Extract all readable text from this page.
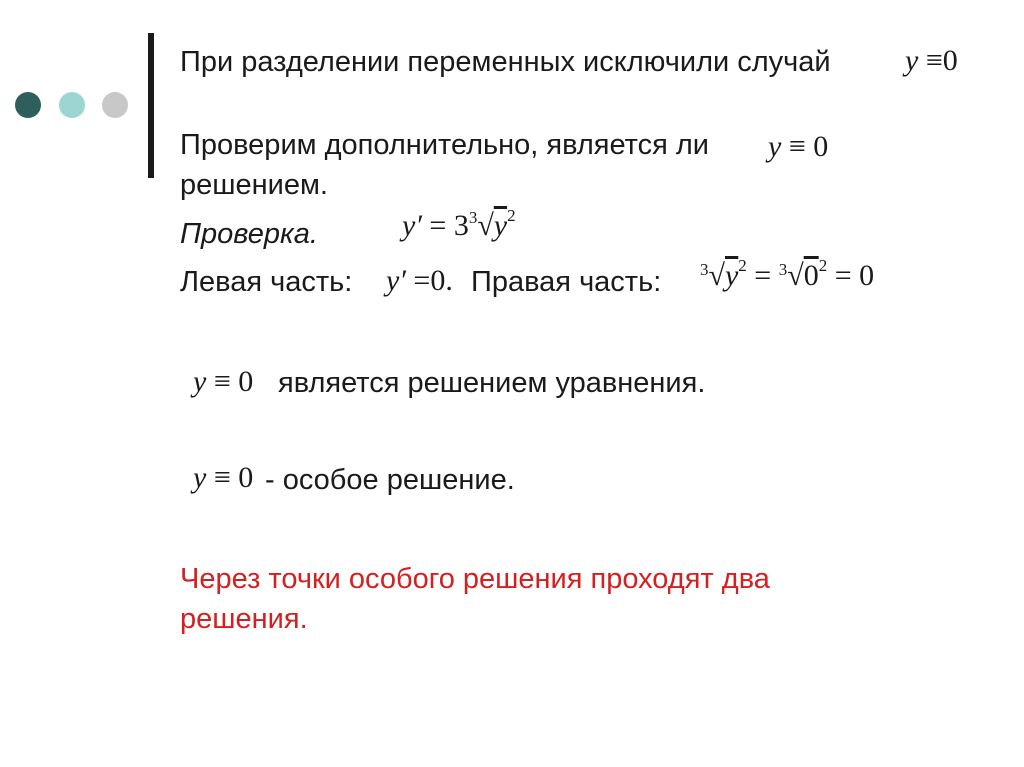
При разделении переменных исключили случай y ≡0
Проверим дополнительно, является ли y ≡ 0
решением.
Проверка.	$y' = 3^3√y^2$
Левая часть: y′ =0. Правая часть: $^3√y^2 = ^3√0^2 = 0$
y ≡ 0 является решением уравнения.
y ≡ 0 - особое решение.
Через точки особого решения проходят два
решения.
